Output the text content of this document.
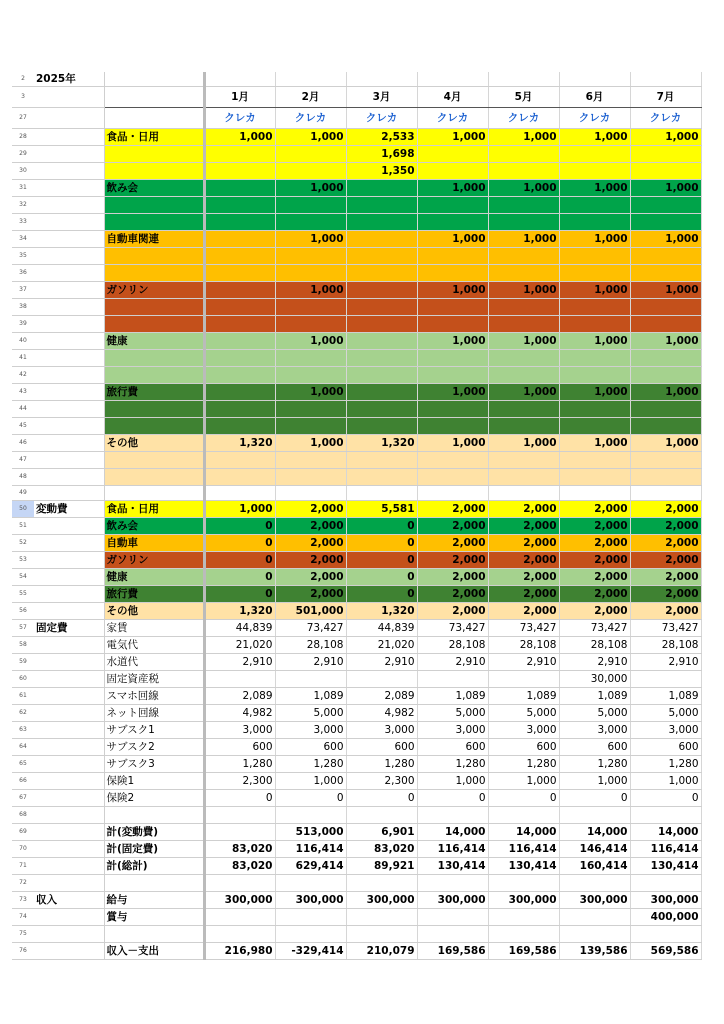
2	2025年								
3			1月	2月	3月	4月	5月	6月	7月
27			クレカ	クレカ	クレカ	クレカ	クレカ	クレカ	クレカ
28		食品・日用	1,000	1,000	2,533	1,000	1,000	1,000	1,000
29					1,698				
30					1,350				
31		飲み会		1,000		1,000	1,000	1,000	1,000
32									
33									
34		自動車関連		1,000		1,000	1,000	1,000	1,000
35									
36									
37		ガソリン		1,000		1,000	1,000	1,000	1,000
38									
39									
40		健康		1,000		1,000	1,000	1,000	1,000
41									
42									
43		旅行費		1,000		1,000	1,000	1,000	1,000
44									
45									
46		その他	1,320	1,000	1,320	1,000	1,000	1,000	1,000
47									
48									
49									
50	変動費	食品・日用	1,000	2,000	5,581	2,000	2,000	2,000	2,000
51		飲み会	0	2,000	0	2,000	2,000	2,000	2,000
52		自動車	0	2,000	0	2,000	2,000	2,000	2,000
53		ガソリン	0	2,000	0	2,000	2,000	2,000	2,000
54		健康	0	2,000	0	2,000	2,000	2,000	2,000
55		旅行費	0	2,000	0	2,000	2,000	2,000	2,000
56		その他	1,320	501,000	1,320	2,000	2,000	2,000	2,000
57	固定費	家賃	44,839	73,427	44,839	73,427	73,427	73,427	73,427
58		電気代	21,020	28,108	21,020	28,108	28,108	28,108	28,108
59		水道代	2,910	2,910	2,910	2,910	2,910	2,910	2,910
60		固定資産税						30,000	
61		スマホ回線	2,089	1,089	2,089	1,089	1,089	1,089	1,089
62		ネット回線	4,982	5,000	4,982	5,000	5,000	5,000	5,000
63		サブスク1	3,000	3,000	3,000	3,000	3,000	3,000	3,000
64		サブスク2	600	600	600	600	600	600	600
65		サブスク3	1,280	1,280	1,280	1,280	1,280	1,280	1,280
66		保険1	2,300	1,000	2,300	1,000	1,000	1,000	1,000
67		保険2	0	0	0	0	0	0	0
68									
69		計(変動費)		513,000	6,901	14,000	14,000	14,000	14,000
70		計(固定費)	83,020	116,414	83,020	116,414	116,414	146,414	116,414
71		計(総計)	83,020	629,414	89,921	130,414	130,414	160,414	130,414
72									
73	収入	給与	300,000	300,000	300,000	300,000	300,000	300,000	300,000
74		賞与							400,000
75									
76		収入－支出	216,980	-329,414	210,079	169,586	169,586	139,586	569,586
